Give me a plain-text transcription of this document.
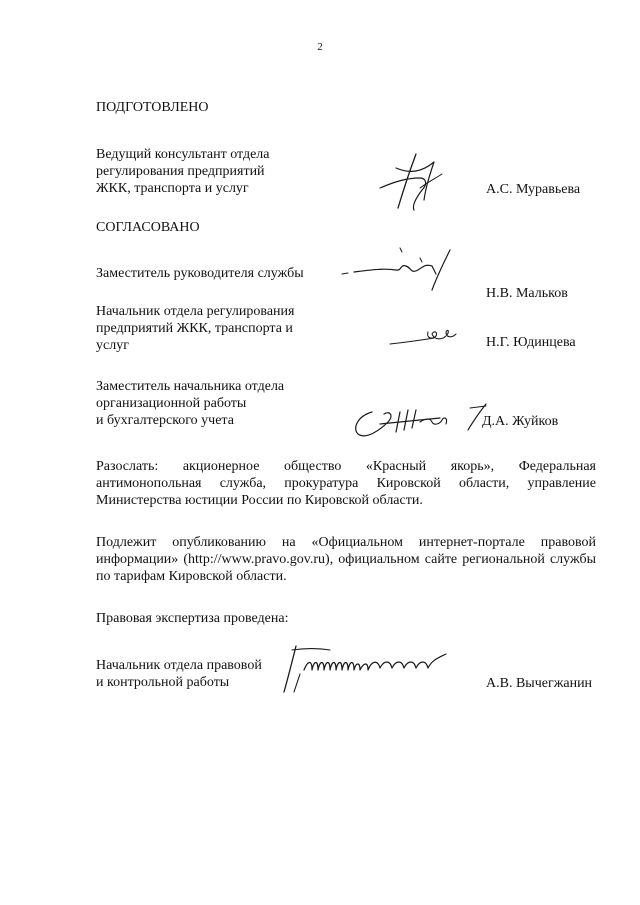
2
ПОДГОТОВЛЕНО
Ведущий консультант отдела
регулирования предприятий
ЖКК, транспорта и услуг	А.С. Муравьева
СОГЛАСОВАНО
Заместитель руководителя службы
Н.В. Мальков
Начальник отдела регулирования
предприятий ЖКК, транспорта и
услуг	Н.Г. Юдинцева
Заместитель начальника отдела
организационной работы
и бухгалтерского учета	Д.А. Жуйков
Разослать: акционерное общество «Красный якорь», Федеральная антимонопольная служба, прокуратура Кировской области, управление Министерства юстиции России по Кировской области.
Подлежит опубликованию на «Официальном интернет-портале правовой информации» (http://www.pravo.gov.ru), официальном сайте региональной службы по тарифам Кировской области.
Правовая экспертиза проведена:
Начальник отдела правовой
и контрольной работы	А.В. Вычегжанин
